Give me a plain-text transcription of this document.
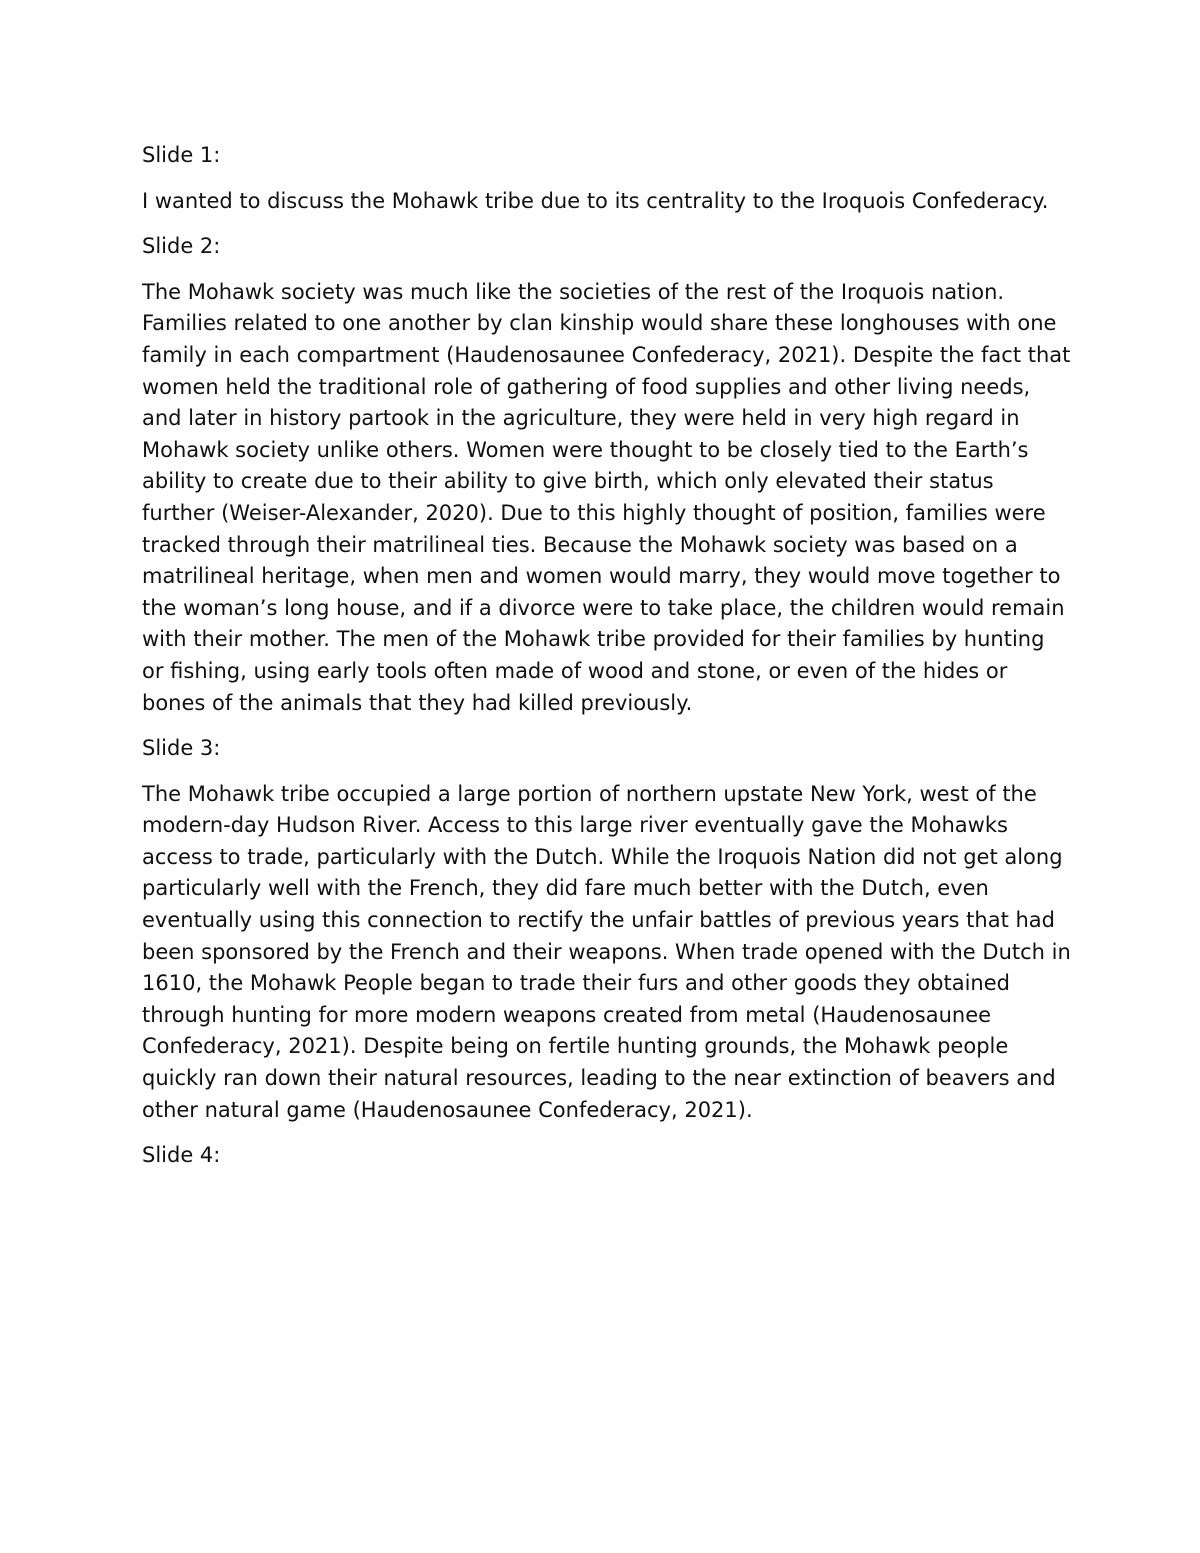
Slide 1:

I wanted to discuss the Mohawk tribe due to its centrality to the Iroquois Confederacy.

Slide 2:

The Mohawk society was much like the societies of the rest of the Iroquois nation. Families related to one another by clan kinship would share these longhouses with one family in each compartment (Haudenosaunee Confederacy, 2021). Despite the fact that women held the traditional role of gathering of food supplies and other living needs, and later in history partook in the agriculture, they were held in very high regard in Mohawk society unlike others. Women were thought to be closely tied to the Earth’s ability to create due to their ability to give birth, which only elevated their status further (Weiser-Alexander, 2020). Due to this highly thought of position, families were tracked through their matrilineal ties. Because the Mohawk society was based on a matrilineal heritage, when men and women would marry, they would move together to the woman’s long house, and if a divorce were to take place, the children would remain with their mother. The men of the Mohawk tribe provided for their families by hunting or fishing, using early tools often made of wood and stone, or even of the hides or bones of the animals that they had killed previously.

Slide 3:

The Mohawk tribe occupied a large portion of northern upstate New York, west of the modern-day Hudson River. Access to this large river eventually gave the Mohawks access to trade, particularly with the Dutch. While the Iroquois Nation did not get along particularly well with the French, they did fare much better with the Dutch, even eventually using this connection to rectify the unfair battles of previous years that had been sponsored by the French and their weapons. When trade opened with the Dutch in 1610, the Mohawk People began to trade their furs and other goods they obtained through hunting for more modern weapons created from metal (Haudenosaunee Confederacy, 2021). Despite being on fertile hunting grounds, the Mohawk people quickly ran down their natural resources, leading to the near extinction of beavers and other natural game (Haudenosaunee Confederacy, 2021).

Slide 4:
